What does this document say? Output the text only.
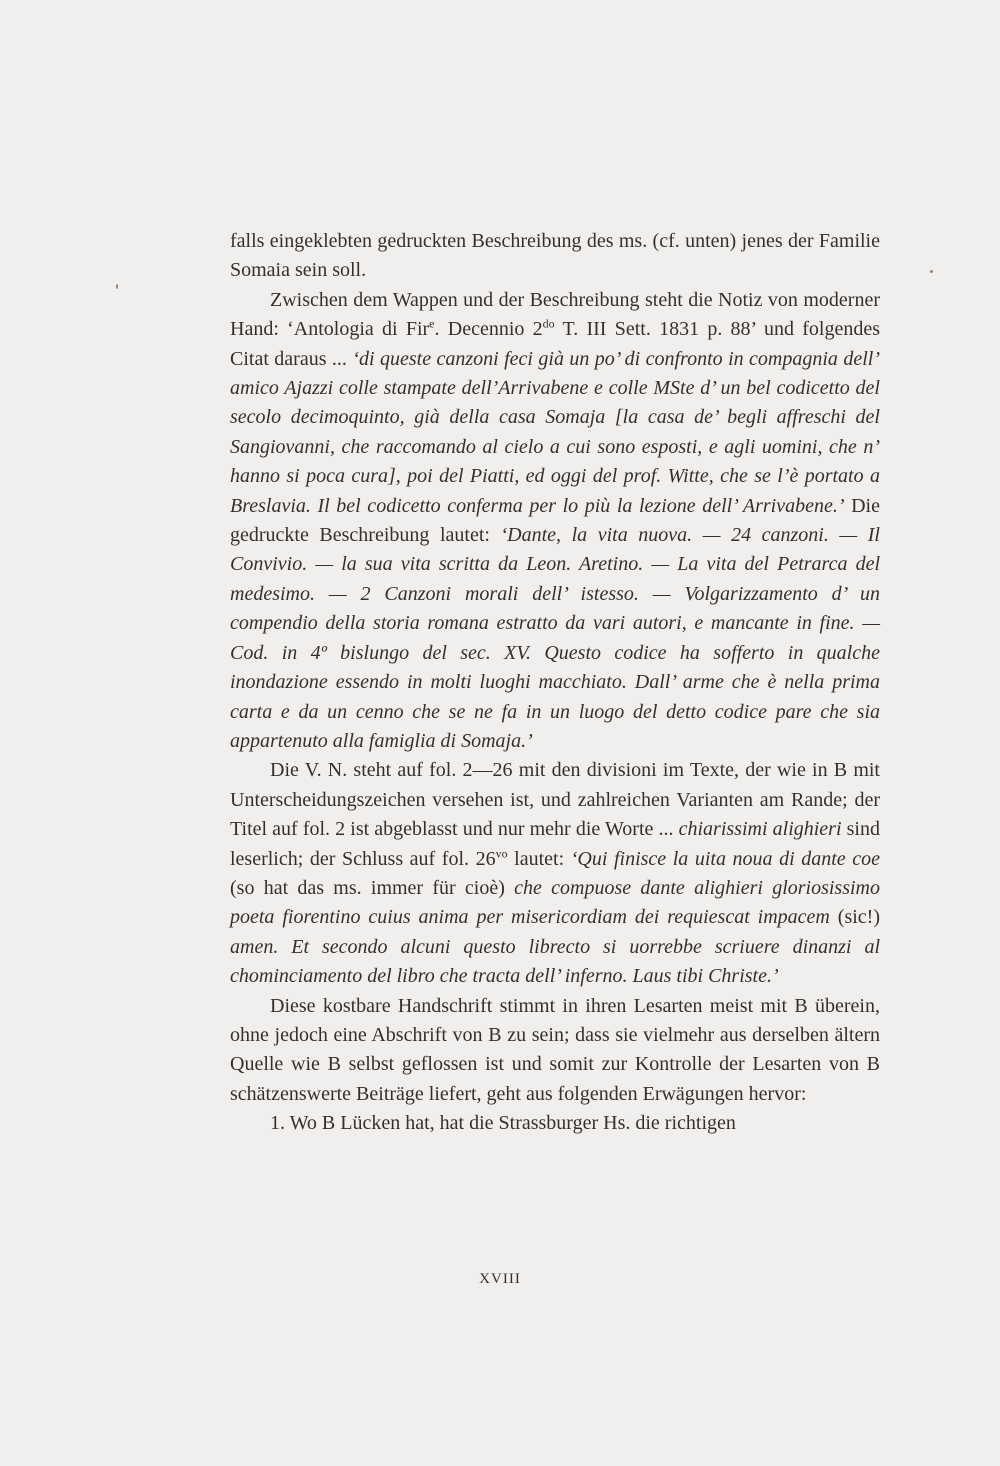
falls eingeklebten gedruckten Beschreibung des ms. (cf. unten) jenes der Familie Somaia sein soll.

Zwischen dem Wappen und der Beschreibung steht die Notiz von moderner Hand: ‘Antologia di Fir$^e$. Decennio $2^{do}$ T. III Sett. 1831 p. 88’ und folgendes Citat daraus ... ‘di queste canzoni feci già un po’ di confronto in compagnia dell’ amico Ajazzi colle stampate dell’Arrivabene e colle MSte d’ un bel codicetto del secolo decimoquinto, già della casa Somaja [la casa de’ begli affreschi del Sangiovanni, che raccomando al cielo a cui sono esposti, e agli uomini, che n’ hanno si poca cura], poi del Piatti, ed oggi del prof. Witte, che se l’è portato a Breslavia. Il bel codicetto conferma per lo più la lezione dell’ Arrivabene.’ Die gedruckte Beschreibung lautet: ‘Dante, la vita nuova. — 24 canzoni. — Il Convivio. — la sua vita scritta da Leon. Aretino. — La vita del Petrarca del medesimo. — 2 Canzoni morali dell’ istesso. — Volgarizzamento d’ un compendio della storia romana estratto da vari autori, e mancante in fine. — Cod. in 4º bislungo del sec. XV. Questo codice ha sofferto in qualche inondazione essendo in molti luoghi macchiato. Dall’ arme che è nella prima carta e da un cenno che se ne fa in un luogo del detto codice pare che sia appartenuto alla famiglia di Somaja.’

Die V. N. steht auf fol. 2—26 mit den divisioni im Texte, der wie in B mit Unterscheidungszeichen versehen ist, und zahlreichen Varianten am Rande; der Titel auf fol. 2 ist abgeblasst und nur mehr die Worte ... chiarissimi alighieri sind leserlich; der Schluss auf fol. $26^{vo}$ lautet: ‘Qui finisce la uita noua di dante coe (so hat das ms. immer für cioè) che compuose dante alighieri gloriosissimo poeta fiorentino cuius anima per misericordiam dei requiescat impacem (sic!) amen. Et secondo alcuni questo librecto si uorrebbe scriuere dinanzi al chominciamento del libro che tracta dell’ inferno. Laus tibi Christe.’

Diese kostbare Handschrift stimmt in ihren Lesarten meist mit B überein, ohne jedoch eine Abschrift von B zu sein; dass sie vielmehr aus derselben ältern Quelle wie B selbst geflossen ist und somit zur Kontrolle der Lesarten von B schätzenswerte Beiträge liefert, geht aus folgenden Erwägungen hervor:

1. Wo B Lücken hat, hat die Strassburger Hs. die richtigen

XVIII
